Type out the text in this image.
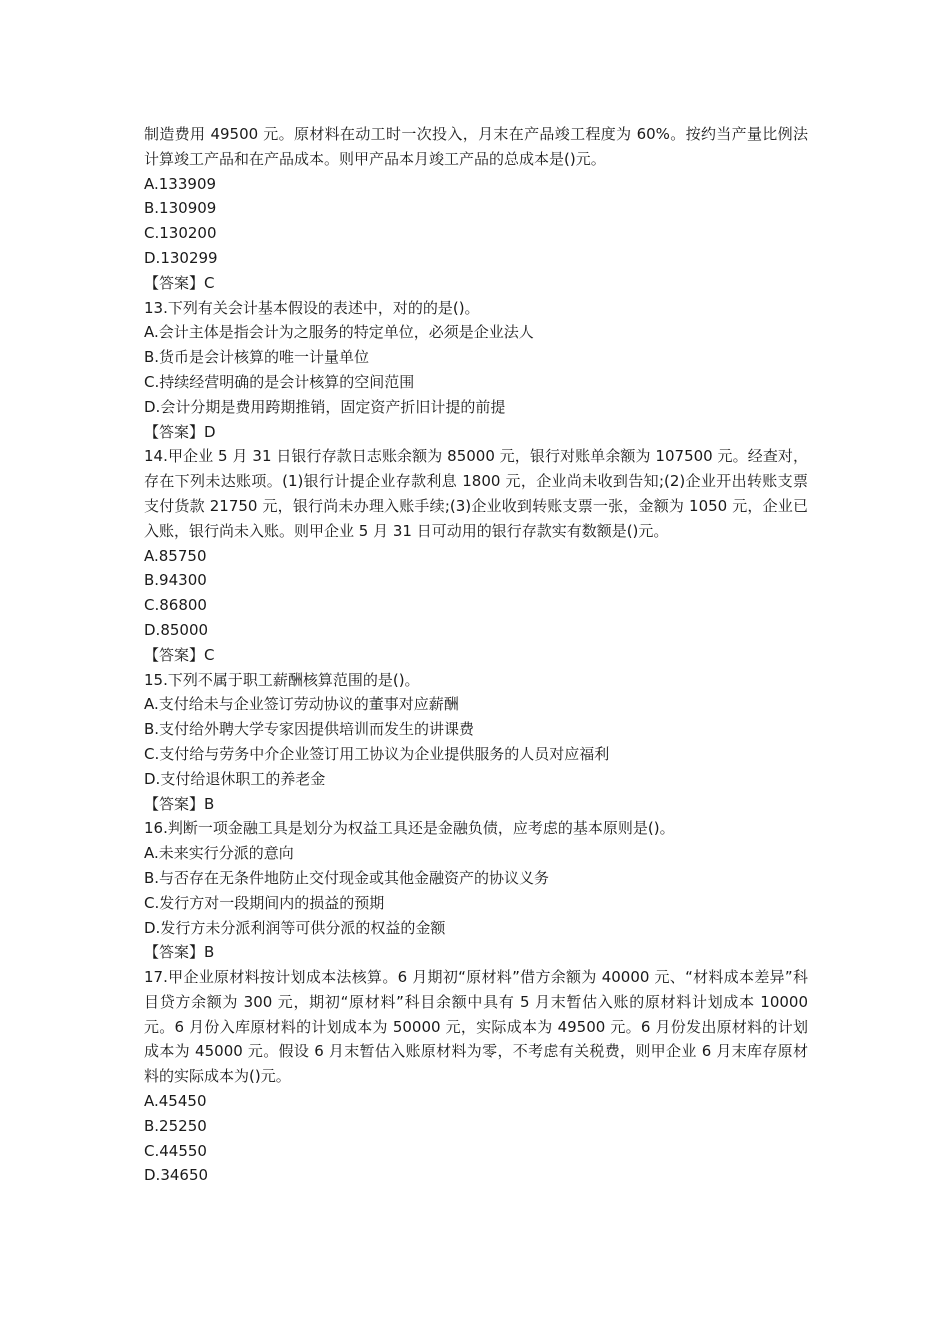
制造费用 49500 元。原材料在动工时一次投入，月末在产品竣工程度为 60%。按约当产量比例法计算竣工产品和在产品成本。则甲产品本月竣工产品的总成本是()元。
A.133909
B.130909
C.130200
D.130299
【答案】C
13.下列有关会计基本假设的表述中，对的的是()。
A.会计主体是指会计为之服务的特定单位，必须是企业法人
B.货币是会计核算的唯一计量单位
C.持续经营明确的是会计核算的空间范围
D.会计分期是费用跨期推销，固定资产折旧计提的前提
【答案】D
14.甲企业 5 月 31 日银行存款日志账余额为 85000 元，银行对账单余额为 107500 元。经查对，存在下列未达账项。(1)银行计提企业存款利息 1800 元，企业尚未收到告知;(2)企业开出转账支票支付货款 21750 元，银行尚未办理入账手续;(3)企业收到转账支票一张，金额为 1050 元，企业已入账，银行尚未入账。则甲企业 5 月 31 日可动用的银行存款实有数额是()元。
A.85750
B.94300
C.86800
D.85000
【答案】C
15.下列不属于职工薪酬核算范围的是()。
A.支付给未与企业签订劳动协议的董事对应薪酬
B.支付给外聘大学专家因提供培训而发生的讲课费
C.支付给与劳务中介企业签订用工协议为企业提供服务的人员对应福利
D.支付给退休职工的养老金
【答案】B
16.判断一项金融工具是划分为权益工具还是金融负债，应考虑的基本原则是()。
A.未来实行分派的意向
B.与否存在无条件地防止交付现金或其他金融资产的协议义务
C.发行方对一段期间内的损益的预期
D.发行方未分派利润等可供分派的权益的金额
【答案】B
17.甲企业原材料按计划成本法核算。6 月期初“原材料”借方余额为 40000 元、“材料成本差异”科目贷方余额为 300 元，期初“原材料”科目余额中具有 5 月末暂估入账的原材料计划成本 10000 元。6 月份入库原材料的计划成本为 50000 元，实际成本为 49500 元。6 月份发出原材料的计划成本为 45000 元。假设 6 月末暂估入账原材料为零，不考虑有关税费，则甲企业 6 月末库存原材料的实际成本为()元。
A.45450
B.25250
C.44550
D.34650
